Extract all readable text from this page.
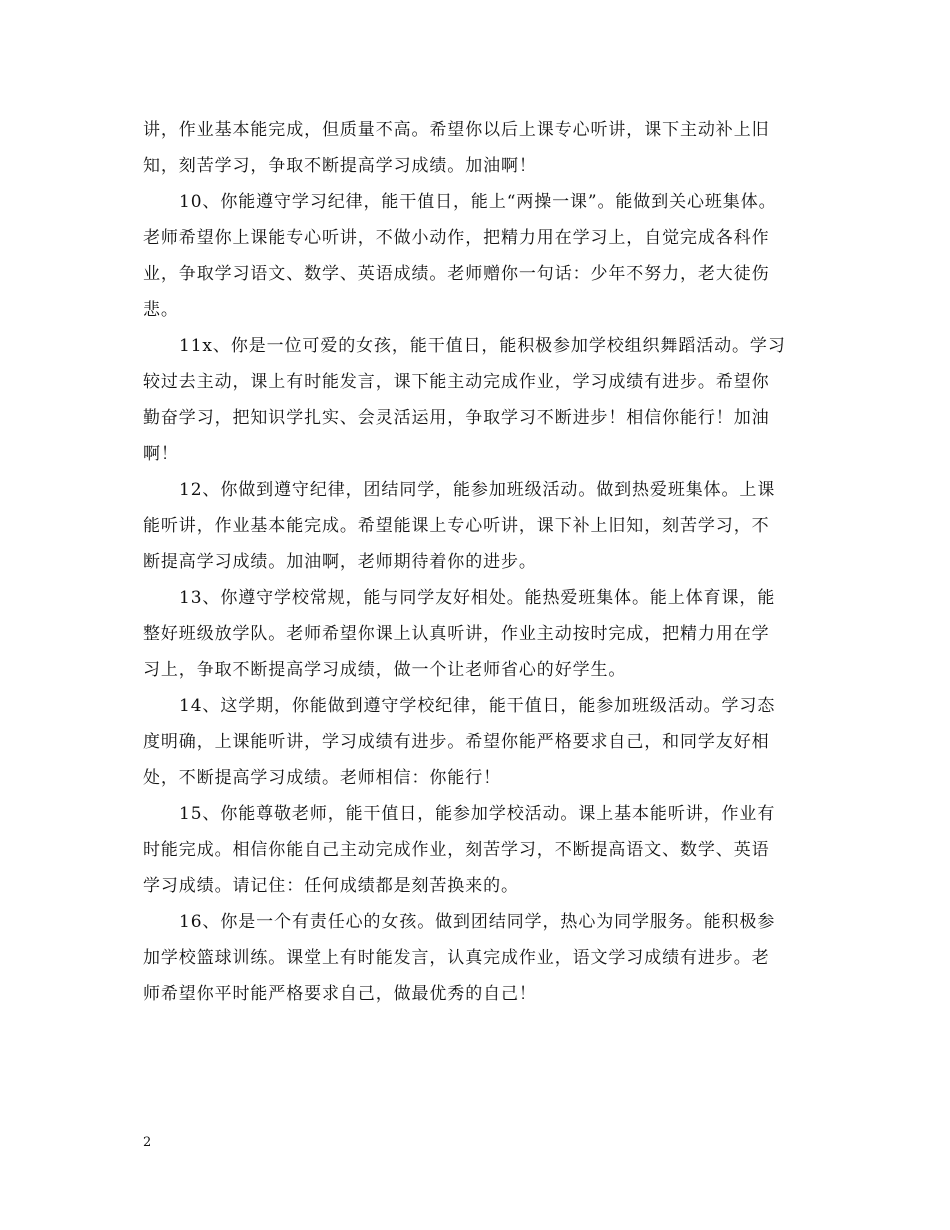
讲，作业基本能完成，但质量不高。希望你以后上课专心听讲，课下主动补上旧
知，刻苦学习，争取不断提高学习成绩。加油啊！
10、你能遵守学习纪律，能干值日，能上“两操一课”。能做到关心班集体。
老师希望你上课能专心听讲，不做小动作，把精力用在学习上，自觉完成各科作
业，争取学习语文、数学、英语成绩。老师赠你一句话：少年不努力，老大徒伤
悲。
11x、你是一位可爱的女孩，能干值日，能积极参加学校组织舞蹈活动。学习
较过去主动，课上有时能发言，课下能主动完成作业，学习成绩有进步。希望你
勤奋学习，把知识学扎实、会灵活运用，争取学习不断进步！相信你能行！加油
啊！
12、你做到遵守纪律，团结同学，能参加班级活动。做到热爱班集体。上课
能听讲，作业基本能完成。希望能课上专心听讲，课下补上旧知，刻苦学习，不
断提高学习成绩。加油啊，老师期待着你的进步。
13、你遵守学校常规，能与同学友好相处。能热爱班集体。能上体育课，能
整好班级放学队。老师希望你课上认真听讲，作业主动按时完成，把精力用在学
习上，争取不断提高学习成绩，做一个让老师省心的好学生。
14、这学期，你能做到遵守学校纪律，能干值日，能参加班级活动。学习态
度明确，上课能听讲，学习成绩有进步。希望你能严格要求自己，和同学友好相
处，不断提高学习成绩。老师相信：你能行！
15、你能尊敬老师，能干值日，能参加学校活动。课上基本能听讲，作业有
时能完成。相信你能自己主动完成作业，刻苦学习，不断提高语文、数学、英语
学习成绩。请记住：任何成绩都是刻苦换来的。
16、你是一个有责任心的女孩。做到团结同学，热心为同学服务。能积极参
加学校篮球训练。课堂上有时能发言，认真完成作业，语文学习成绩有进步。老
师希望你平时能严格要求自己，做最优秀的自己！
2
